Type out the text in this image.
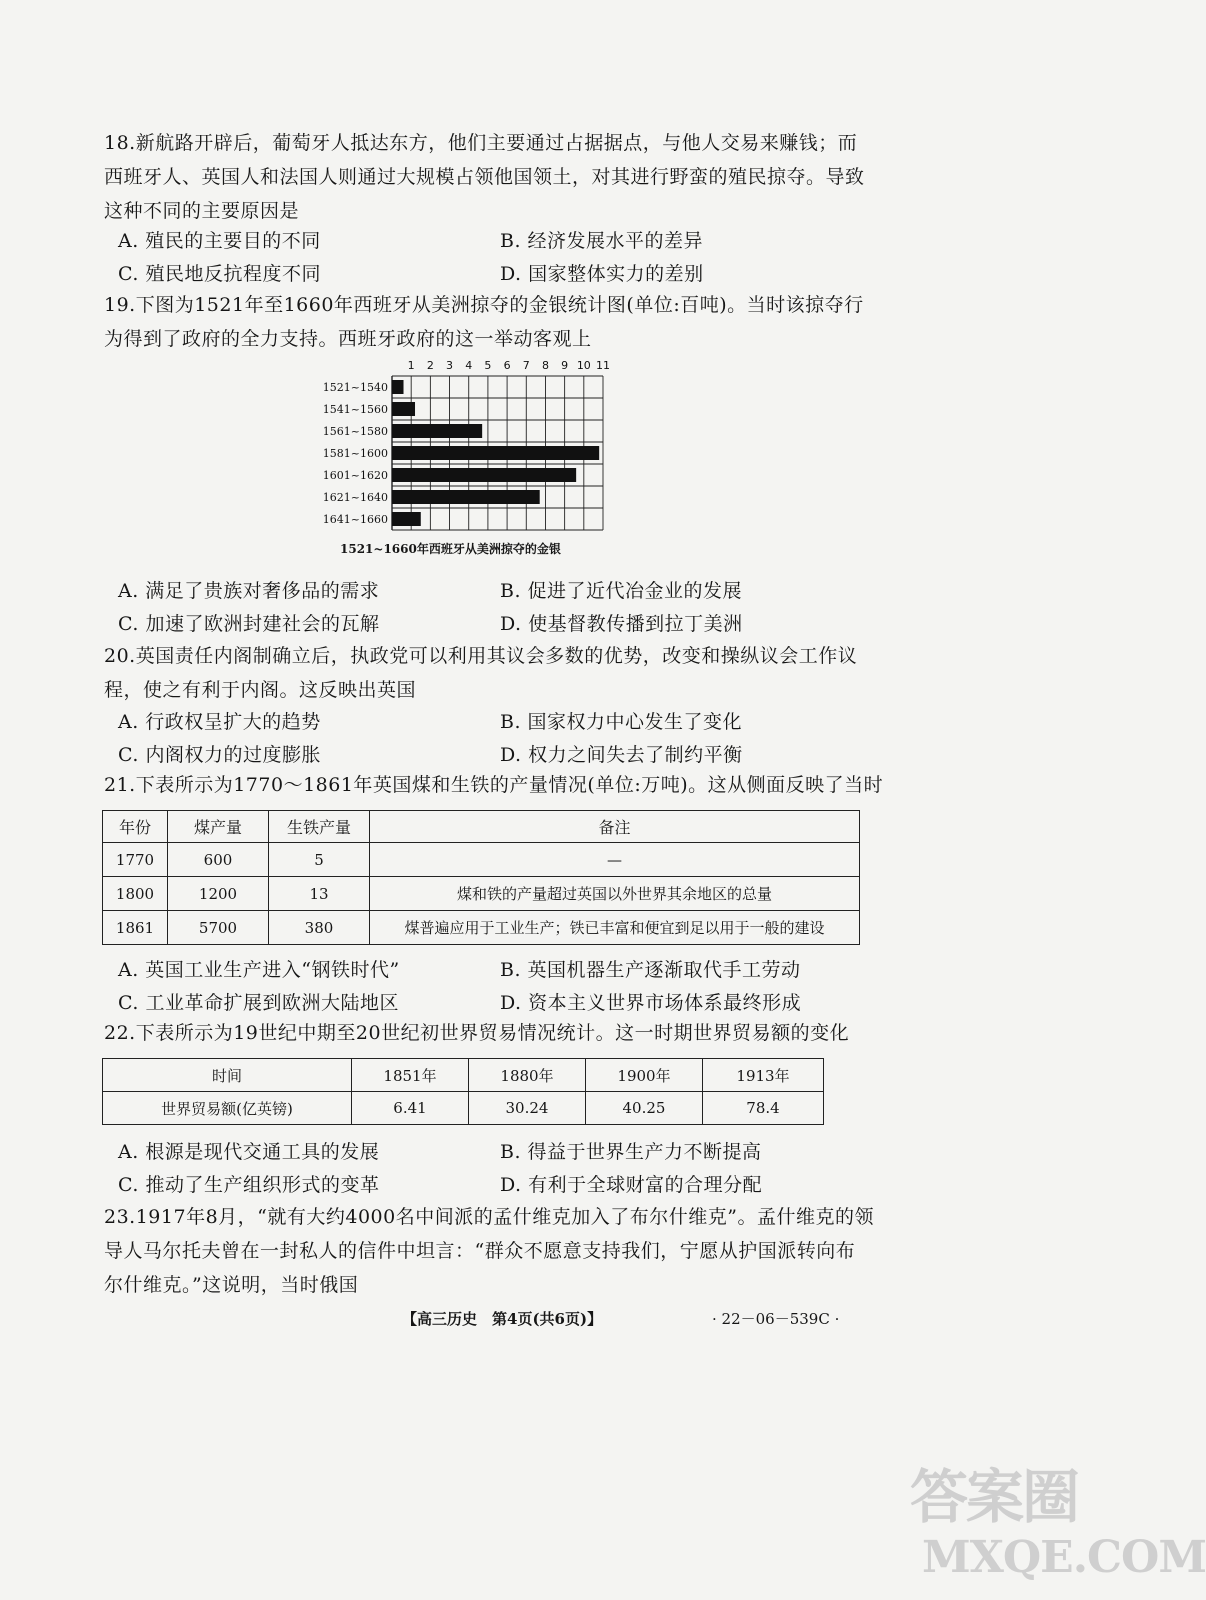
18.新航路开辟后，葡萄牙人抵达东方，他们主要通过占据据点，与他人交易来赚钱；而西班牙人、英国人和法国人则通过大规模占领他国领土，对其进行野蛮的殖民掠夺。导致这种不同的主要原因是

A. 殖民的主要目的不同	B. 经济发展水平的差异
C. 殖民地反抗程度不同	D. 国家整体实力的差别

19.下图为1521年至1660年西班牙从美洲掠夺的金银统计图(单位:百吨)。当时该掠夺行为得到了政府的全力支持。西班牙政府的这一举动客观上

1 2 3 4 5 6 7 8 9 10 11
1521~1540
1541~1560
1561~1580
1581~1600
1601~1620
1621~1640
1641~1660
1521~1660年西班牙从美洲掠夺的金银
A. 满足了贵族对奢侈品的需求	B. 促进了近代冶金业的发展
C. 加速了欧洲封建社会的瓦解	D. 使基督教传播到拉丁美洲

20.英国责任内阁制确立后，执政党可以利用其议会多数的优势，改变和操纵议会工作议程，使之有利于内阁。这反映出英国

A. 行政权呈扩大的趋势	B. 国家权力中心发生了变化
C. 内阁权力的过度膨胀	D. 权力之间失去了制约平衡

21.下表所示为1770～1861年英国煤和生铁的产量情况(单位:万吨)。这从侧面反映了当时

年份	煤产量	生铁产量	备注
1770	600	5	—
1800	1200	13	煤和铁的产量超过英国以外世界其余地区的总量
1861	5700	380	煤普遍应用于工业生产；铁已丰富和便宜到足以用于一般的建设
A. 英国工业生产进入“钢铁时代”	B. 英国机器生产逐渐取代手工劳动
C. 工业革命扩展到欧洲大陆地区	D. 资本主义世界市场体系最终形成

22.下表所示为19世纪中期至20世纪初世界贸易情况统计。这一时期世界贸易额的变化

时间	1851年	1880年	1900年	1913年
世界贸易额(亿英镑)	6.41	30.24	40.25	78.4
A. 根源是现代交通工具的发展	B. 得益于世界生产力不断提高
C. 推动了生产组织形式的变革	D. 有利于全球财富的合理分配

23.1917年8月，“就有大约4000名中间派的孟什维克加入了布尔什维克”。孟什维克的领导人马尔托夫曾在一封私人的信件中坦言：“群众不愿意支持我们，宁愿从护国派转向布尔什维克。”这说明，当时俄国

【高三历史　第4页(共6页)】	· 22－06－539C ·
答案圈
MXQE.COM
